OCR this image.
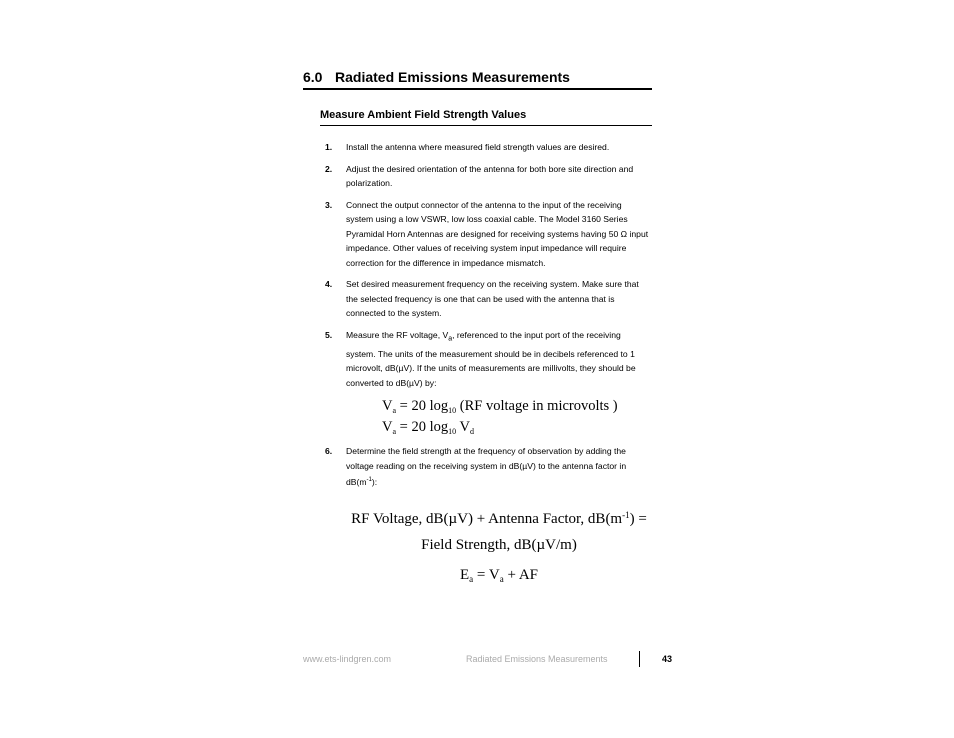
6.0 Radiated Emissions Measurements
Measure Ambient Field Strength Values
1.	Install the antenna where measured field strength values are desired.
2.	Adjust the desired orientation of the antenna for both bore site direction and polarization.
3.	Connect the output connector of the antenna to the input of the receiving system using a low VSWR, low loss coaxial cable. The Model 3160 Series Pyramidal Horn Antennas are designed for receiving systems having 50 Ω input impedance. Other values of receiving system input impedance will require correction for the difference in impedance mismatch.
4.	Set desired measurement frequency on the receiving system. Make sure that the selected frequency is one that can be used with the antenna that is connected to the system.
5.	Measure the RF voltage, $V_a$, referenced to the input port of the receiving system. The units of the measurement should be in decibels referenced to 1 microvolt, dB(µV). If the units of measurements are millivolts, they should be converted to dB(µV) by:
$V_a = 20$ $\log_{10} (RF$ voltage in microvolts )
$V_a = 20$ $\log_{10} V_d$
6.	Determine the field strength at the frequency of observation by adding the voltage reading on the receiving system in dB(µV) to the antenna factor in $dB(m^{-1})$:
RF Voltage, dB(µV) + Antenna Factor, $dB(m^{-1})$ =
Field Strength, dB(µV/m)
$E_a = V_a$ + AF
www.ets-lindgren.com	Radiated Emissions Measurements	43
